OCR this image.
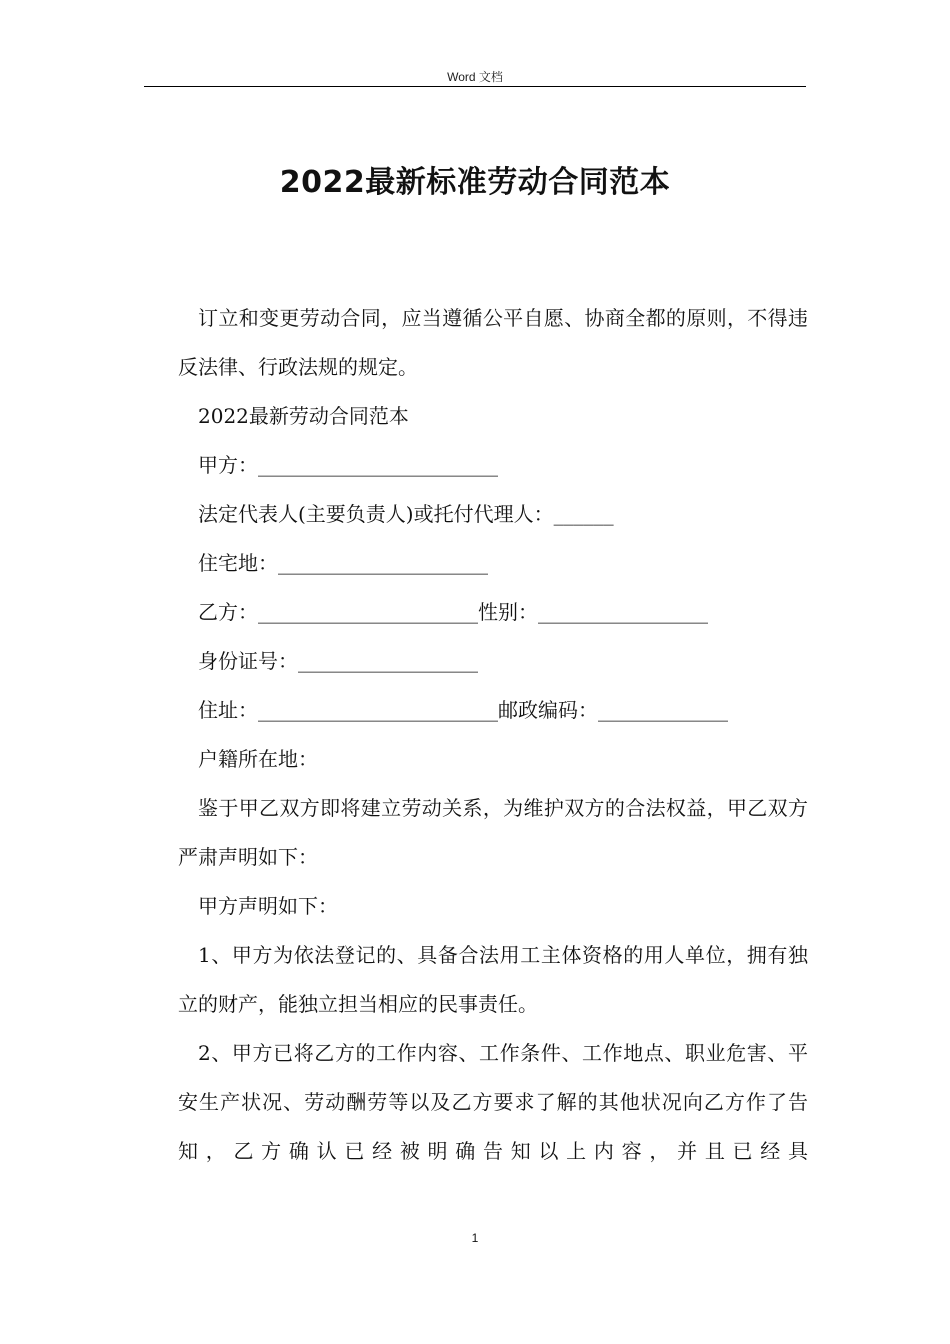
Word 文档
2022最新标准劳动合同范本

订立和变更劳动合同，应当遵循公平自愿、协商全都的原则，不得违反法律、行政法规的规定。

2022最新劳动合同范本

甲方：________________________

法定代表人(主要负责人)或托付代理人：______

住宅地：_____________________

乙方：______________________性别：_________________

身份证号：__________________

住址：________________________邮政编码：_____________

户籍所在地：

鉴于甲乙双方即将建立劳动关系，为维护双方的合法权益，甲乙双方严肃声明如下：

甲方声明如下：

1、甲方为依法登记的、具备合法用工主体资格的用人单位，拥有独立的财产，能独立担当相应的民事责任。

2、甲方已将乙方的工作内容、工作条件、工作地点、职业危害、平安生产状况、劳动酬劳等以及乙方要求了解的其他状况向乙方作了告知，乙方确认已经被明确告知以上内容，并且已经具

1
